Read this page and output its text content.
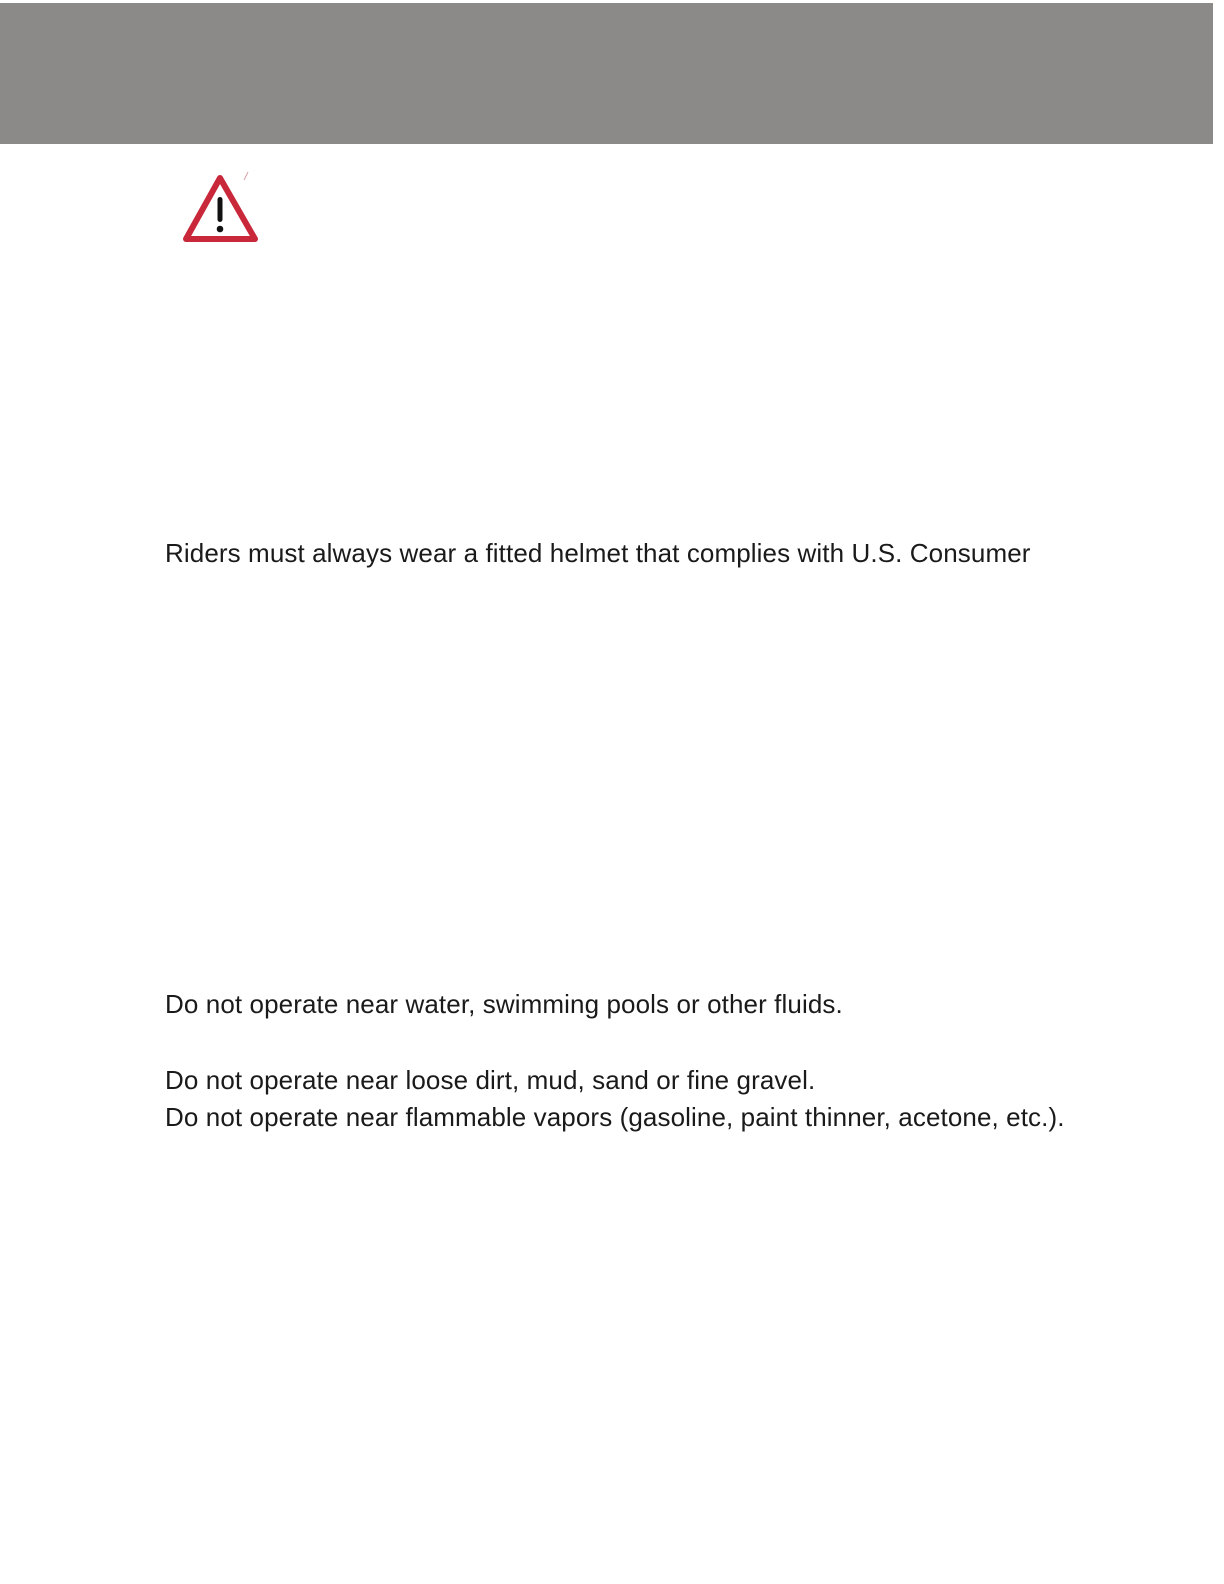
Riders must always wear a fitted helmet that complies with U.S. Consumer

Do not operate near water, swimming pools or other fluids.

Do not operate near loose dirt, mud, sand or fine gravel.

Do not operate near flammable vapors (gasoline, paint thinner, acetone, etc.).
